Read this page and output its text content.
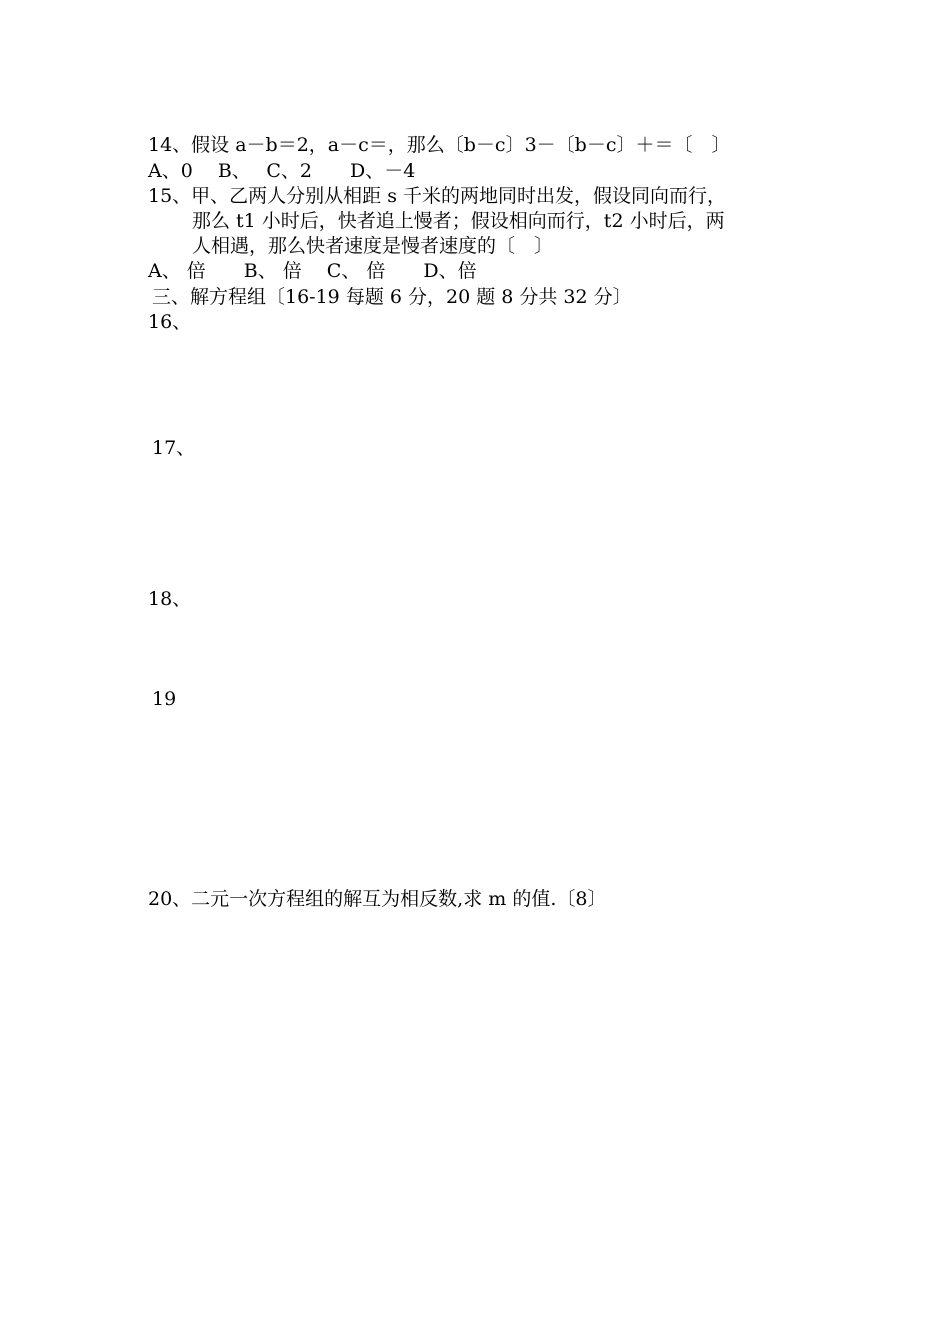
14、假设 a－b＝2，a－c＝，那么〔b－c〕3－〔b－c〕＋＝〔　〕
A、0　 B、　 C、2　　D、－4
15、甲、乙两人分别从相距 s 千米的两地同时出发，假设同向而行，
那么 t1 小时后，快者追上慢者；假设相向而行，t2 小时后，两
人相遇，那么快者速度是慢者速度的〔　〕
A、 倍　　B、 倍　 C、 倍　　D、倍
三、解方程组〔16-19 每题 6 分，20 题 8 分共 32 分〕
16、
17、
18、
19
20、二元一次方程组的解互为相反数,求 m 的值.〔8〕
